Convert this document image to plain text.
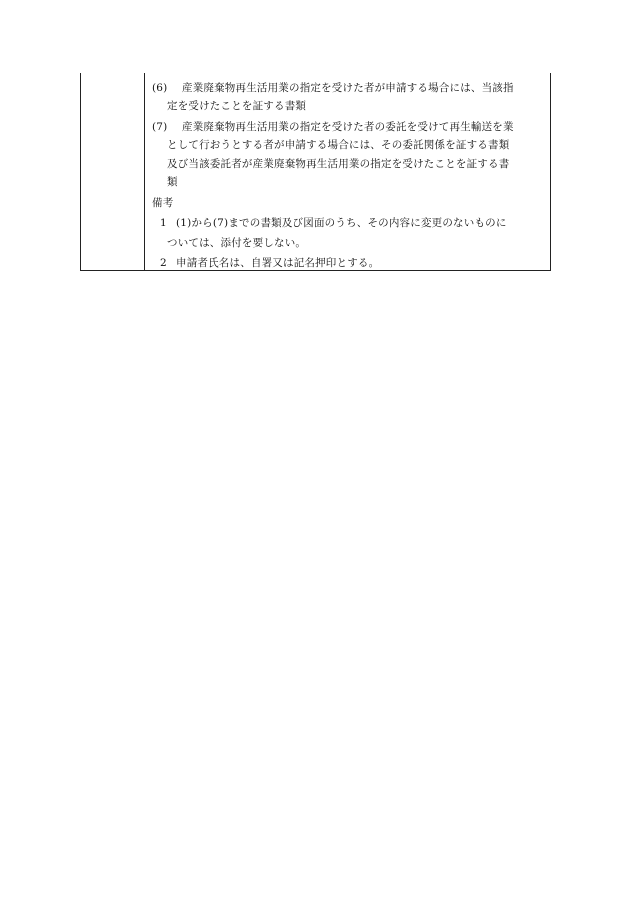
(6) 産業廃棄物再生活用業の指定を受けた者が申請する場合には、当該指
定を受けたことを証する書類
(7) 産業廃棄物再生活用業の指定を受けた者の委託を受けて再生輸送を業
として行おうとする者が申請する場合には、その委託関係を証する書類
及び当該委託者が産業廃棄物再生活用業の指定を受けたことを証する書
類
備考
1 (1)から(7)までの書類及び図面のうち、その内容に変更のないものに
ついては、添付を要しない。
2 申請者氏名は、自署又は記名押印とする。
